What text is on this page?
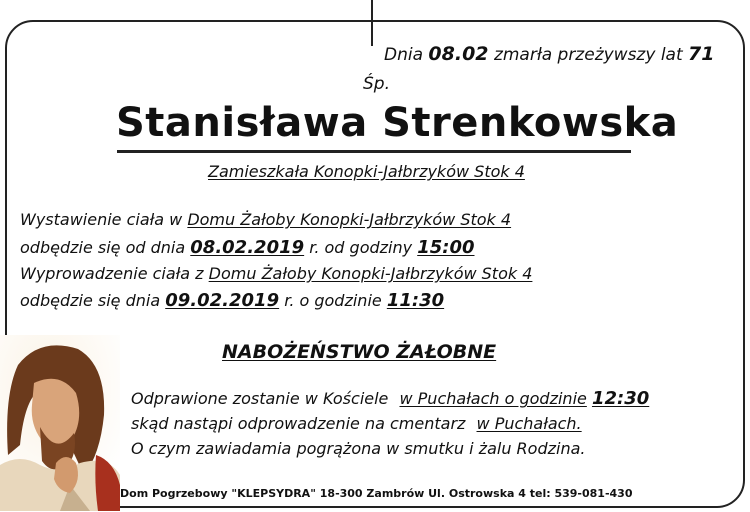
Dnia 08.02 zmarła przeżywszy lat 71
Śp.
Stanisława Strenkowska
Zamieszkała Konopki-Jałbrzyków Stok 4
Wystawienie ciała w Domu Żałoby Konopki-Jałbrzyków Stok 4
odbędzie się od dnia 08.02.2019 r. od godziny 15:00
Wyprowadzenie ciała z Domu Żałoby Konopki-Jałbrzyków Stok 4
odbędzie się dnia 09.02.2019 r. o godzinie 11:30
NABOŻEŃSTWO ŻAŁOBNE
Odprawione zostanie w Kościele w Puchałach o godzinie 12:30
skąd nastąpi odprowadzenie na cmentarz w Puchałach.
O czym zawiadamia pogrążona w smutku i żalu Rodzina.
Dom Pogrzebowy "KLEPSYDRA" 18-300 Zambrów Ul. Ostrowska 4 tel: 539-081-430
